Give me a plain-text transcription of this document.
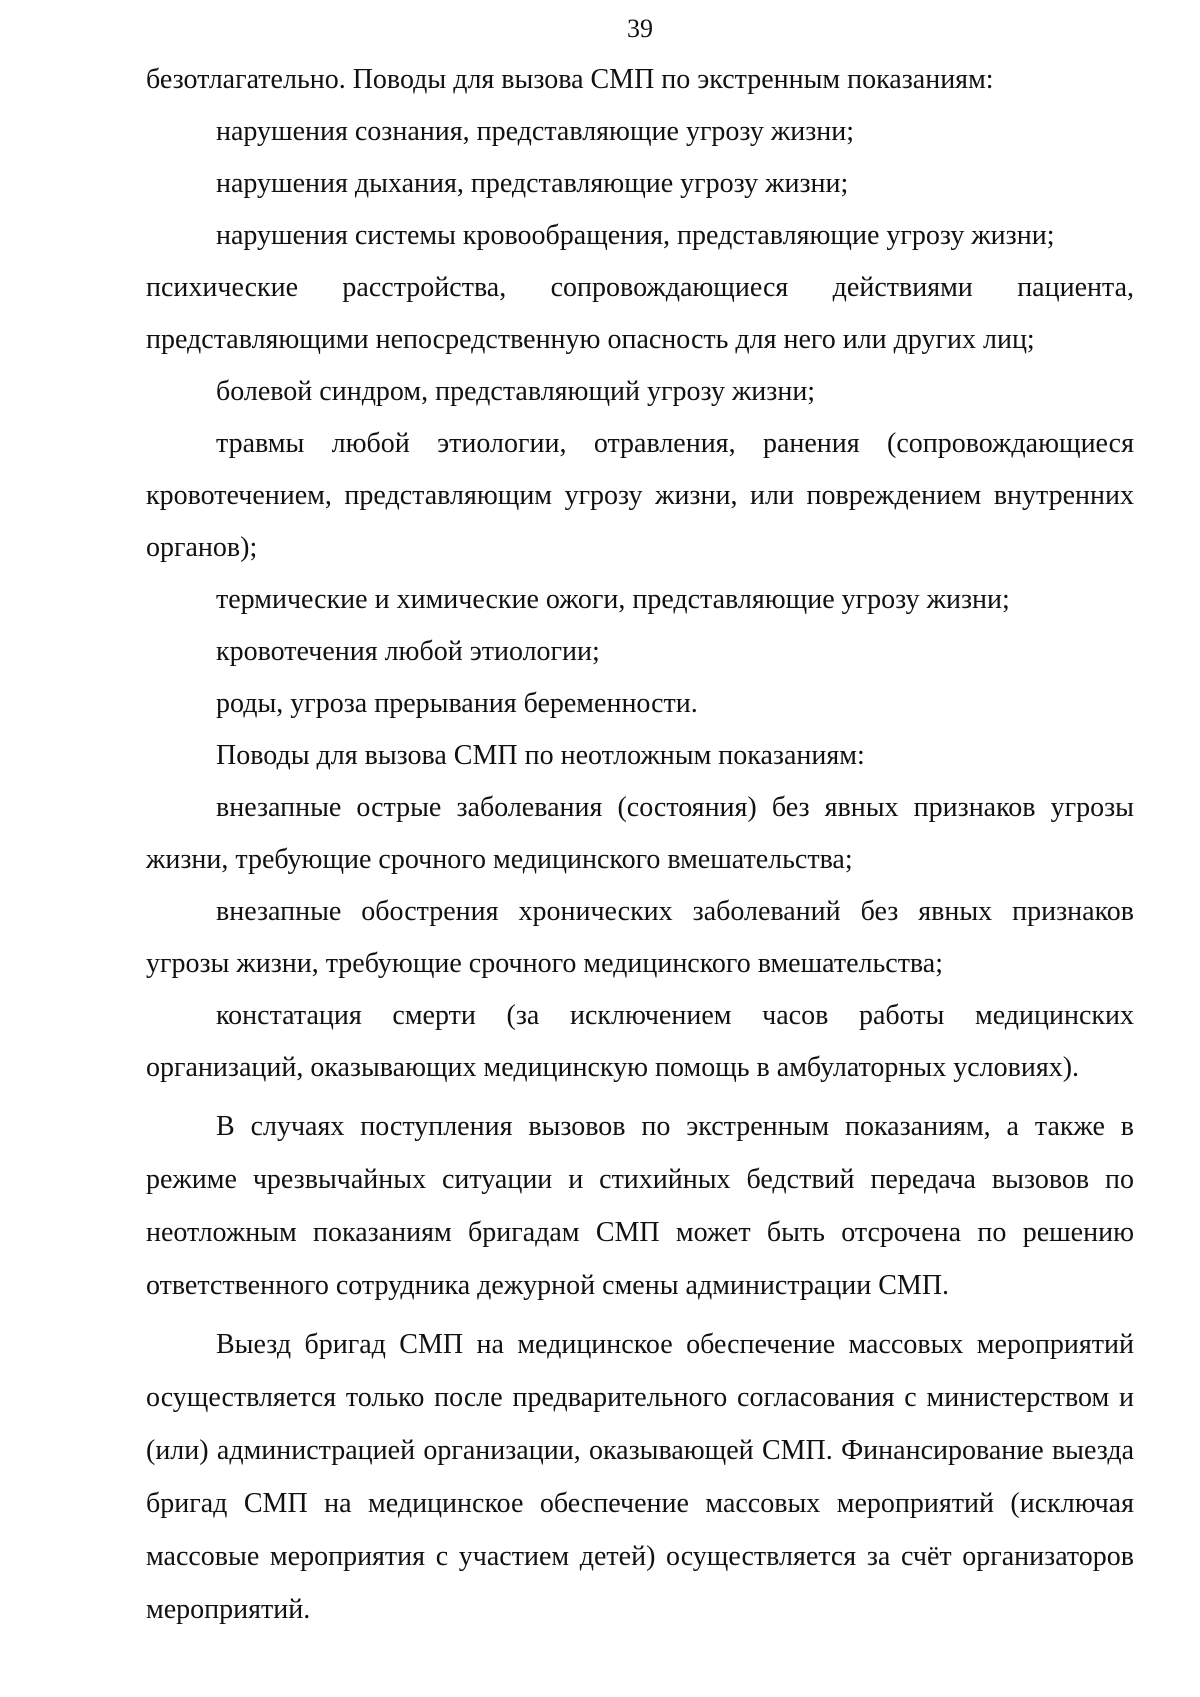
39

безотлагательно. Поводы для вызова СМП по экстренным показаниям:

нарушения сознания, представляющие угрозу жизни;

нарушения дыхания, представляющие угрозу жизни;

нарушения системы кровообращения, представляющие угрозу жизни;

психические расстройства, сопровождающиеся действиями пациента, представляющими непосредственную опасность для него или других лиц;

болевой синдром, представляющий угрозу жизни;

травмы любой этиологии, отравления, ранения (сопровождающиеся кровотечением, представляющим угрозу жизни, или повреждением внутренних органов);

термические и химические ожоги, представляющие угрозу жизни;

кровотечения любой этиологии;

роды, угроза прерывания беременности.

Поводы для вызова СМП по неотложным показаниям:

внезапные острые заболевания (состояния) без явных признаков угрозы жизни, требующие срочного медицинского вмешательства;

внезапные обострения хронических заболеваний без явных признаков угрозы жизни, требующие срочного медицинского вмешательства;

констатация смерти (за исключением часов работы медицинских организаций, оказывающих медицинскую помощь в амбулаторных условиях).

В случаях поступления вызовов по экстренным показаниям, а также в режиме чрезвычайных ситуации и стихийных бедствий передача вызовов по неотложным показаниям бригадам СМП может быть отсрочена по решению ответственного сотрудника дежурной смены администрации СМП.

Выезд бригад СМП на медицинское обеспечение массовых мероприятий осуществляется только после предварительного согласования с министерством и (или) администрацией организации, оказывающей СМП. Финансирование выезда бригад СМП на медицинское обеспечение массовых мероприятий (исключая массовые мероприятия с участием детей) осуществляется за счёт организаторов мероприятий.
